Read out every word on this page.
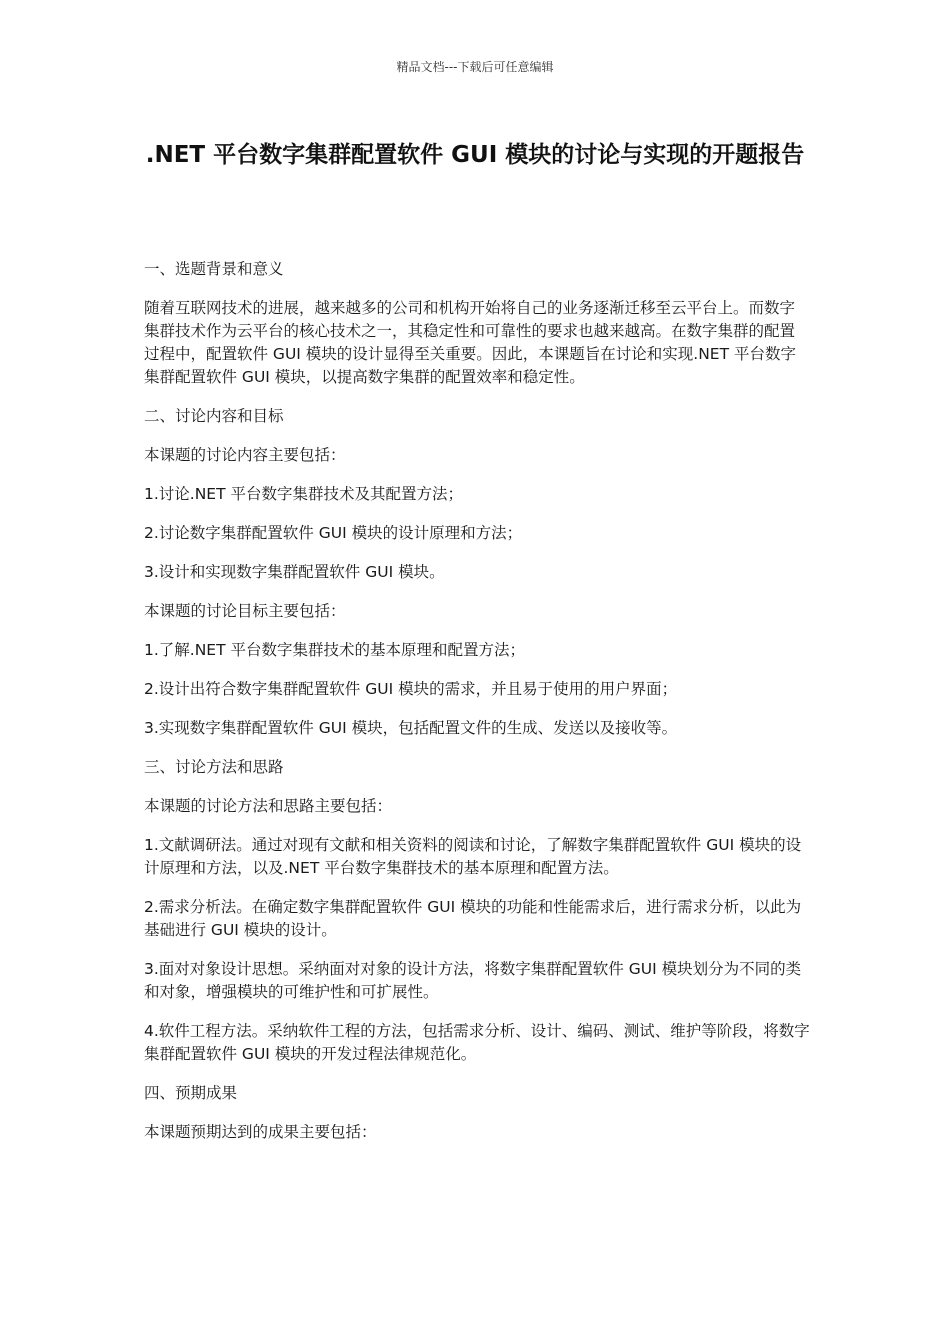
精品文档---下载后可任意编辑
.NET 平台数字集群配置软件 GUI 模块的讨论与实现的开题报告

一、选题背景和意义

随着互联网技术的进展，越来越多的公司和机构开始将自己的业务逐渐迁移至云平台上。而数字集群技术作为云平台的核心技术之一，其稳定性和可靠性的要求也越来越高。在数字集群的配置过程中，配置软件 GUI 模块的设计显得至关重要。因此，本课题旨在讨论和实现.NET 平台数字集群配置软件 GUI 模块，以提高数字集群的配置效率和稳定性。

二、讨论内容和目标

本课题的讨论内容主要包括：

1.讨论.NET 平台数字集群技术及其配置方法；

2.讨论数字集群配置软件 GUI 模块的设计原理和方法；

3.设计和实现数字集群配置软件 GUI 模块。

本课题的讨论目标主要包括：

1.了解.NET 平台数字集群技术的基本原理和配置方法；

2.设计出符合数字集群配置软件 GUI 模块的需求，并且易于使用的用户界面；

3.实现数字集群配置软件 GUI 模块，包括配置文件的生成、发送以及接收等。

三、讨论方法和思路

本课题的讨论方法和思路主要包括：

1.文献调研法。通过对现有文献和相关资料的阅读和讨论，了解数字集群配置软件 GUI 模块的设计原理和方法，以及.NET 平台数字集群技术的基本原理和配置方法。

2.需求分析法。在确定数字集群配置软件 GUI 模块的功能和性能需求后，进行需求分析，以此为基础进行 GUI 模块的设计。

3.面对对象设计思想。采纳面对对象的设计方法，将数字集群配置软件 GUI 模块划分为不同的类和对象，增强模块的可维护性和可扩展性。

4.软件工程方法。采纳软件工程的方法，包括需求分析、设计、编码、测试、维护等阶段，将数字集群配置软件 GUI 模块的开发过程法律规范化。

四、预期成果

本课题预期达到的成果主要包括：
